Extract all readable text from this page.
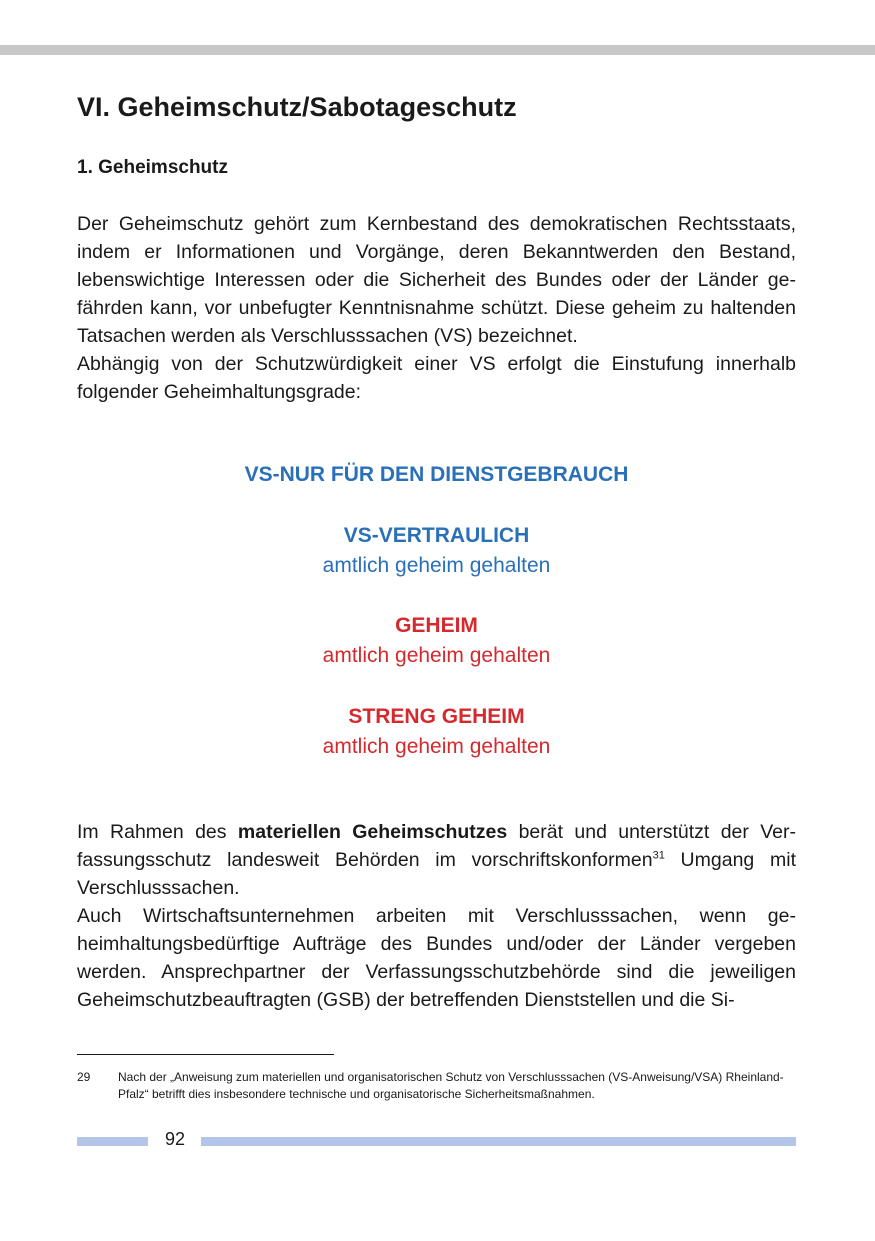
VI. Geheimschutz/Sabotageschutz
1. Geheimschutz

Der Geheimschutz gehört zum Kernbestand des demokratischen Rechtsstaats, indem er Informationen und Vorgänge, deren Bekanntwerden den Bestand, lebenswichtige Interessen oder die Sicherheit des Bundes oder der Länder gefährden kann, vor unbefugter Kenntnisnahme schützt. Diese geheim zu haltenden Tatsachen werden als Verschlusssachen (VS) bezeichnet.

Abhängig von der Schutzwürdigkeit einer VS erfolgt die Einstufung innerhalb folgender Geheimhaltungsgrade:

VS-NUR FÜR DEN DIENSTGEBRAUCH
VS-VERTRAULICH
amtlich geheim gehalten
GEHEIM
amtlich geheim gehalten
STRENG GEHEIM
amtlich geheim gehalten

Im Rahmen des materiellen Geheimschutzes berät und unterstützt der Verfassungsschutz landesweit Behörden im vorschriftskonformen$^{31}$ Umgang mit Verschlusssachen.

Auch Wirtschaftsunternehmen arbeiten mit Verschlusssachen, wenn geheimhaltungsbedürftige Aufträge des Bundes und/oder der Länder vergeben werden. Ansprechpartner der Verfassungsschutzbehörde sind die jeweiligen Geheimschutzbeauftragten (GSB) der betreffenden Dienststellen und die Si-

29 Nach der „Anweisung zum materiellen und organisatorischen Schutz von Verschlusssachen (VS-Anweisung/VSA) Rheinland-Pfalz“ betrifft dies insbesondere technische und organisatorische Sicherheitsmaßnahmen.
92
